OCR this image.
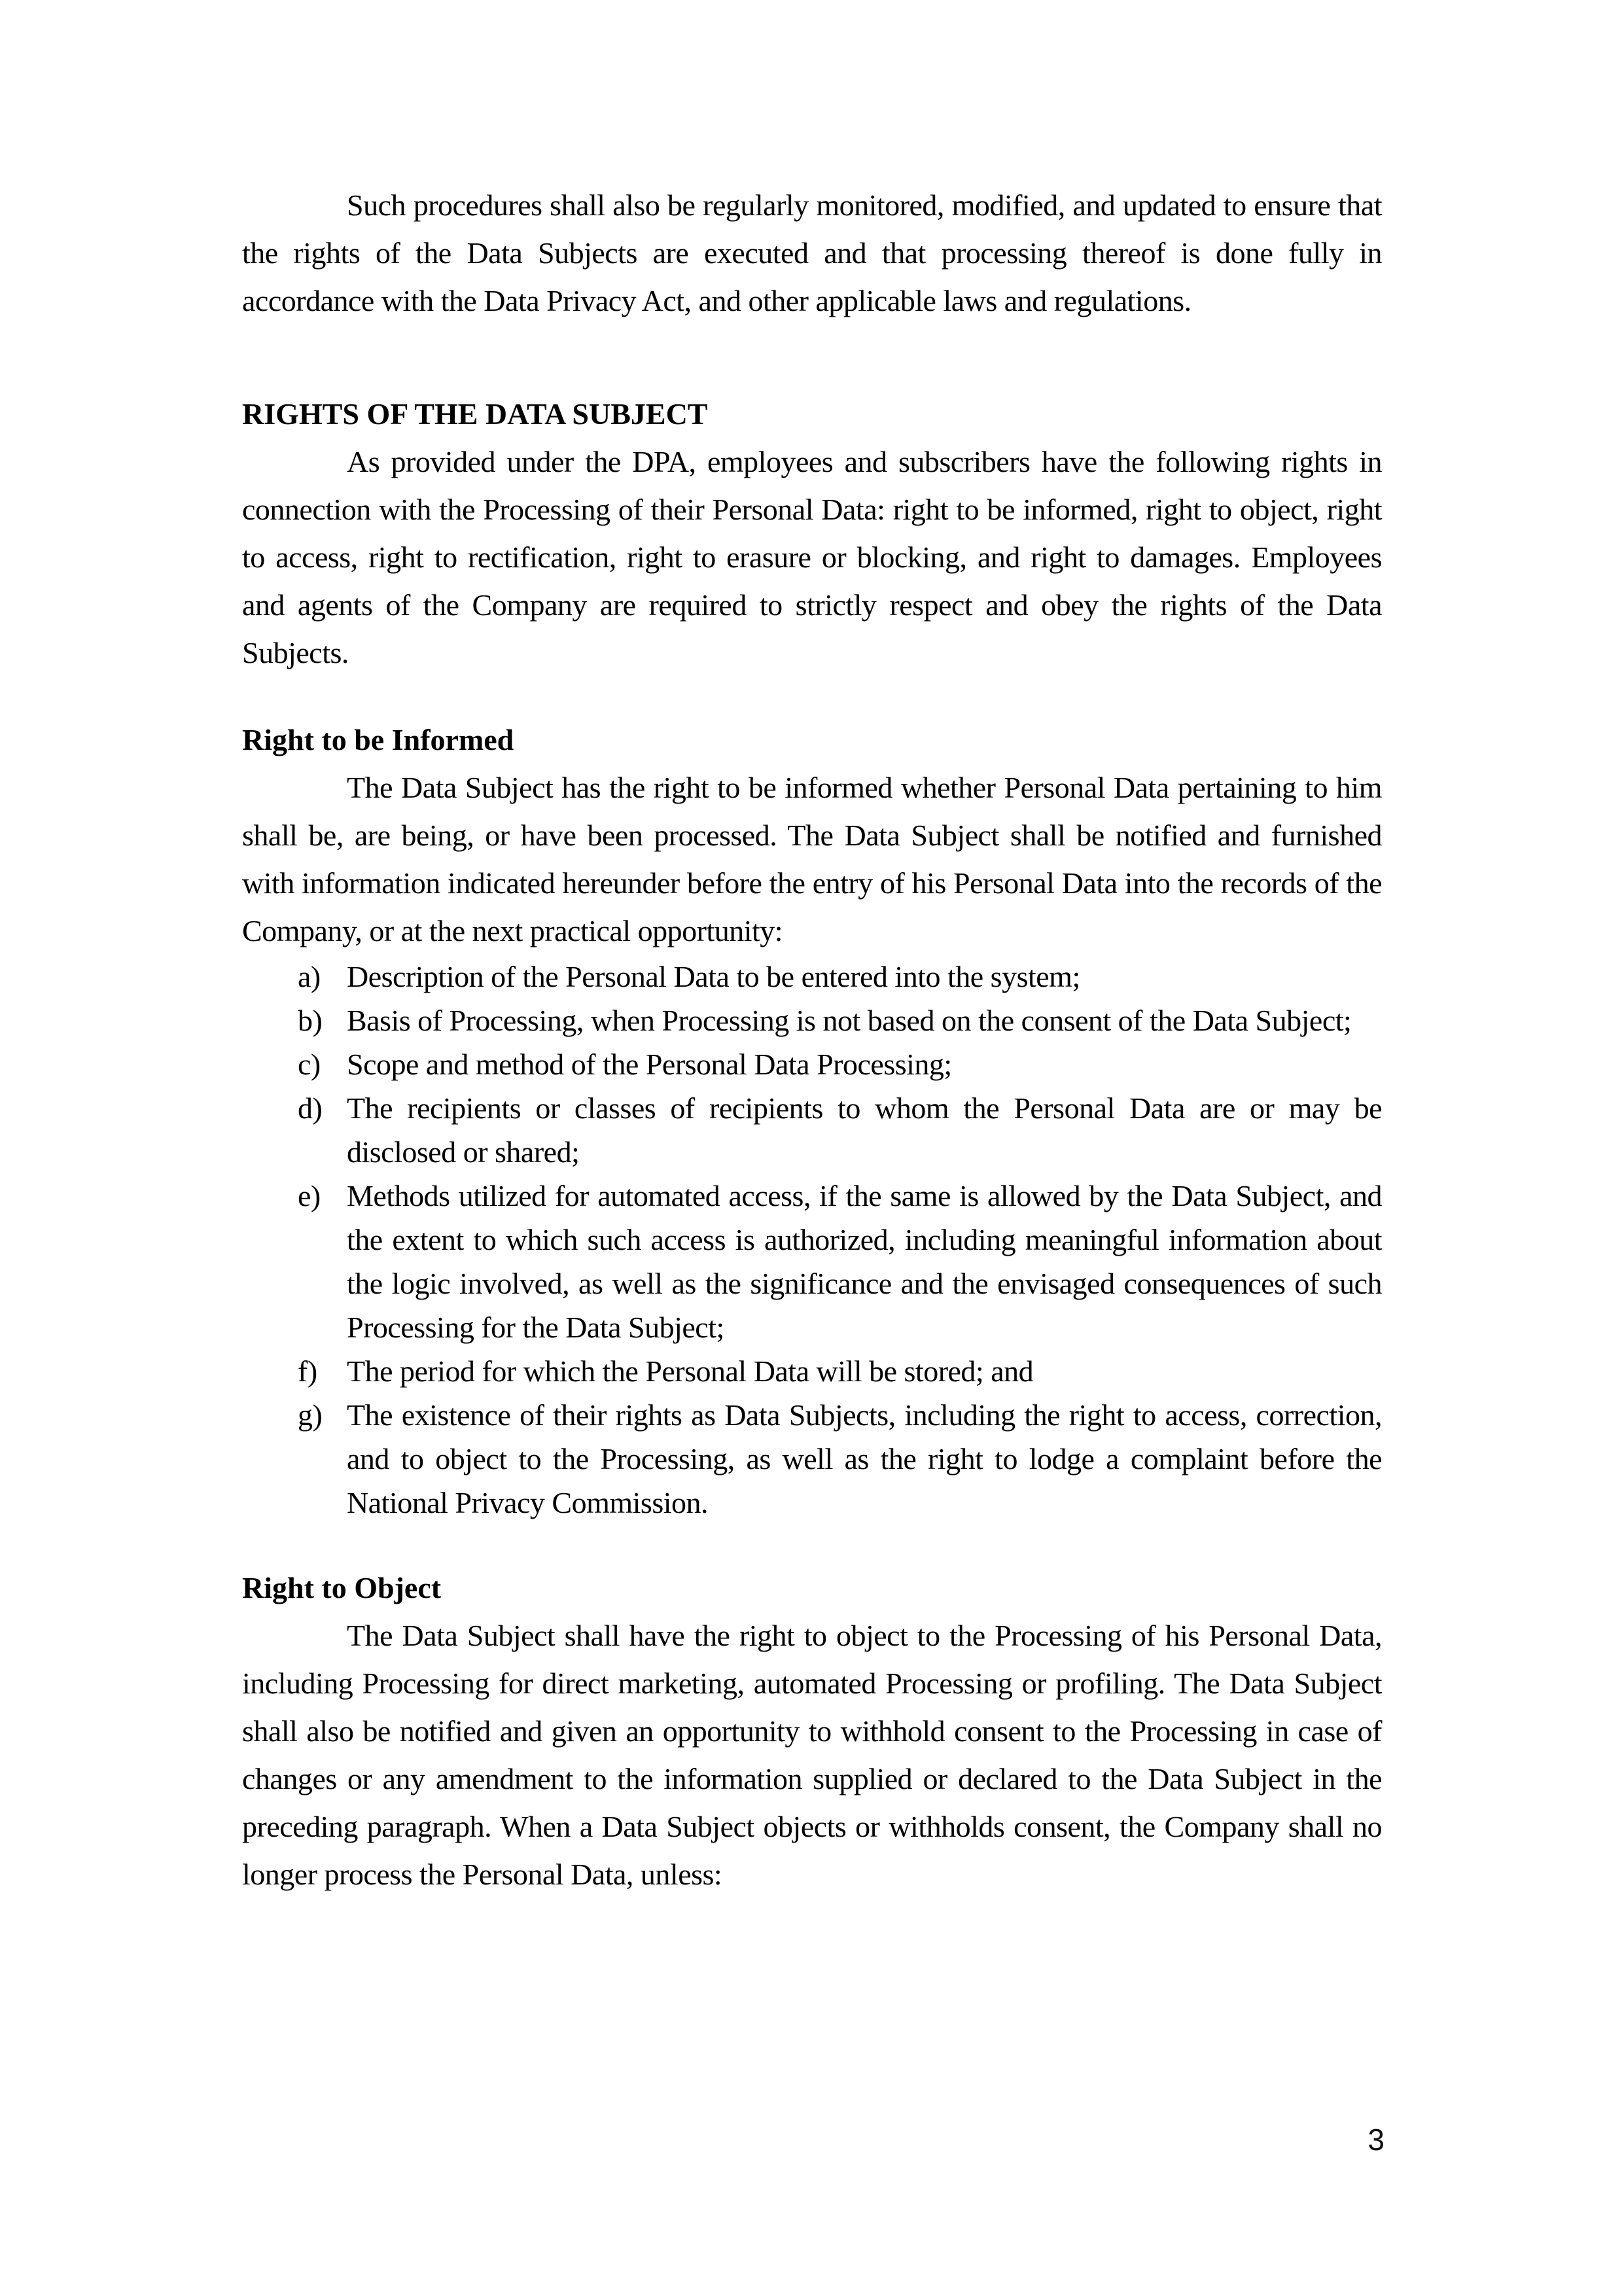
Such procedures shall also be regularly monitored, modified, and updated to ensure that the rights of the Data Subjects are executed and that processing thereof is done fully in accordance with the Data Privacy Act, and other applicable laws and regulations.

RIGHTS OF THE DATA SUBJECT

As provided under the DPA, employees and subscribers have the following rights in connection with the Processing of their Personal Data: right to be informed, right to object, right to access, right to rectification, right to erasure or blocking, and right to damages. Employees and agents of the Company are required to strictly respect and obey the rights of the Data Subjects.

Right to be Informed

The Data Subject has the right to be informed whether Personal Data pertaining to him shall be, are being, or have been processed. The Data Subject shall be notified and furnished with information indicated hereunder before the entry of his Personal Data into the records of the Company, or at the next practical opportunity:

a) Description of the Personal Data to be entered into the system;
b) Basis of Processing, when Processing is not based on the consent of the Data Subject;
c) Scope and method of the Personal Data Processing;
d) The recipients or classes of recipients to whom the Personal Data are or may be disclosed or shared;
e) Methods utilized for automated access, if the same is allowed by the Data Subject, and the extent to which such access is authorized, including meaningful information about the logic involved, as well as the significance and the envisaged consequences of such Processing for the Data Subject;
f) The period for which the Personal Data will be stored; and
g) The existence of their rights as Data Subjects, including the right to access, correction, and to object to the Processing, as well as the right to lodge a complaint before the National Privacy Commission.
Right to Object

The Data Subject shall have the right to object to the Processing of his Personal Data, including Processing for direct marketing, automated Processing or profiling. The Data Subject shall also be notified and given an opportunity to withhold consent to the Processing in case of changes or any amendment to the information supplied or declared to the Data Subject in the preceding paragraph. When a Data Subject objects or withholds consent, the Company shall no longer process the Personal Data, unless:

3
